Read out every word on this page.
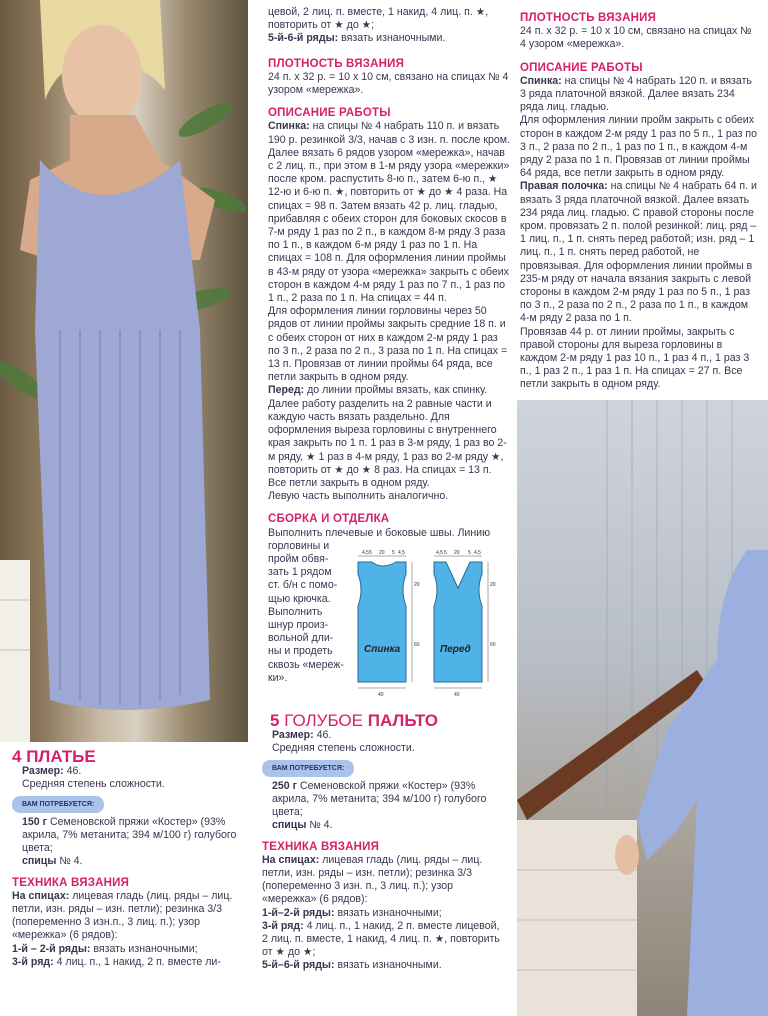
цевой, 2 лиц. п. вместе, 1 накид, 4 лиц. п. ★,

повторить от ★ до ★;

5-й-6-й ряды: вязать изнаночными.

ПЛОТНОСТЬ ВЯЗАНИЯ

24 п. х 32 р. = 10 х 10 см, связано на спицах № 4 узором «мережка».

ОПИСАНИЕ РАБОТЫ

Спинка: на спицы № 4 набрать 110 п. и вязать 190 р. резинкой 3/3, начав с 3 изн. п. после кром. Далее вязать 6 рядов узором «мережка», начав с 2 лиц. п., при этом в 1-м ряду узора «мережки» после кром. распустить 8-ю п., затем 6-ю п., ★ 12-ю и 6-ю п. ★, повторить от ★ до ★ 4 раза. На спицах = 98 п. Затем вязать 42 р. лиц. гладью, прибавляя с обеих сторон для боковых скосов в 7-м ряду 1 раз по 2 п., в каждом 8-м ряду 3 раза по 1 п., в каждом 6-м ряду 1 раз по 1 п. На спицах = 108 п. Для оформления линии проймы в 43-м ряду от узора «мережка» закрыть с обеих сторон в каждом 4-м ряду 1 раз по 7 п., 1 раз по 1 п., 2 раза по 1 п. На спицах = 44 п.

Для оформления линии горловины через 50 рядов от линии проймы закрыть средние 18 п. и с обеих сторон от них в каждом 2-м ряду 1 раз по 3 п., 2 раза по 2 п., 3 раза по 1 п. На спицах = 13 п. Провязав от линии проймы 64 ряда, все петли закрыть в одном ряду.

Перед: до линии проймы вязать, как спинку. Далее работу разделить на 2 равные части и каждую часть вязать раздельно. Для оформления выреза горловины с внутреннего края закрыть по 1 п. 1 раз в 3-м ряду, 1 раз во 2-м ряду, ★ 1 раз в 4-м ряду, 1 раз во 2-м ряду ★, повторить от ★ до ★ 8 раз. На спицах = 13 п. Все петли закрыть в одном ряду.

Левую часть выполнить аналогично.

СБОРКА И ОТДЕЛКА

Выполнить плечевые и боковые швы. Линию

горловины и

пройм обвя-

зать 1 рядом

ст. б/н с помо-

щью крючка.

Выполнить

шнур произ-

вольной дли-

ны и продеть

сквозь «мереж-

ки».

4,5 5 20 5 4,5
20
60
40
Спинка
4,5 5 20 5 4,5
20
60
40
Перед

ПЛОТНОСТЬ ВЯЗАНИЯ

24 п. х 32 р. = 10 х 10 см, связано на спицах № 4 узором «мережка».

ОПИСАНИЕ РАБОТЫ

Спинка: на спицы № 4 набрать 120 п. и вязать 3 ряда платочной вязкой. Далее вязать 234 ряда лиц. гладью.

Для оформления линии пройм закрыть с обеих сторон в каждом 2-м ряду 1 раз по 5 п., 1 раз по 3 п., 2 раза по 2 п., 1 раз по 1 п., в каждом 4-м ряду 2 раза по 1 п. Провязав от линии проймы 64 ряда, все петли закрыть в одном ряду.

Правая полочка: на спицы № 4 набрать 64 п. и вязать 3 ряда платочной вязкой. Далее вязать 234 ряда лиц. гладью. С правой стороны после кром. провязать 2 п. полой резинкой: лиц. ряд – 1 лиц. п., 1 п. снять перед работой; изн. ряд – 1 лиц. п., 1 п. снять перед работой, не провязывая. Для оформления линии проймы в 235-м ряду от начала вязания закрыть с левой стороны в каждом 2-м ряду 1 раз по 5 п., 1 раз по 3 п., 2 раза по 2 п., 2 раза по 1 п., в каждом 4-м ряду 2 раза по 1 п.

Провязав 44 р. от линии проймы, закрыть с правой стороны для выреза горловины в каждом 2-м ряду 1 раз 10 п., 1 раз 4 п., 1 раз 3 п., 1 раз 2 п., 1 раз 1 п. На спицах = 27 п. Все петли закрыть в одном ряду.

4 ПЛАТЬЕ

Размер: 46.

Средняя степень сложности.

ВАМ ПОТРЕБУЕТСЯ:

150 г Семеновской пряжи «Костер» (93% акрила, 7% метанита; 394 м/100 г) голубого цвета;

спицы № 4.

ТЕХНИКА ВЯЗАНИЯ

На спицах: лицевая гладь (лиц. ряды – лиц. петли, изн. ряды – изн. петли); резинка 3/3 (попеременно 3 изн.п., 3 лиц. п.); узор «мережка» (6 рядов):

1-й – 2-й ряды: вязать изнаночными;

3-й ряд: 4 лиц. п., 1 накид, 2 п. вместе ли-

5 ГОЛУБОЕ ПАЛЬТО

Размер: 46.

Средняя степень сложности.

ВАМ ПОТРЕБУЕТСЯ:

250 г Семеновской пряжи «Костер» (93% акрила, 7% метанита; 394 м/100 г) голубого цвета;

спицы № 4.

ТЕХНИКА ВЯЗАНИЯ

На спицах: лицевая гладь (лиц. ряды – лиц. петли, изн. ряды – изн. петли); резинка 3/3 (попеременно 3 изн. п., 3 лиц. п.); узор «мережка» (6 рядов):

1-й–2-й ряды: вязать изнаночными;

3-й ряд: 4 лиц. п., 1 накид, 2 п. вместе лицевой, 2 лиц. п. вместе, 1 накид, 4 лиц. п. ★, повторить от ★ до ★;

5-й–6-й ряды: вязать изнаночными.
